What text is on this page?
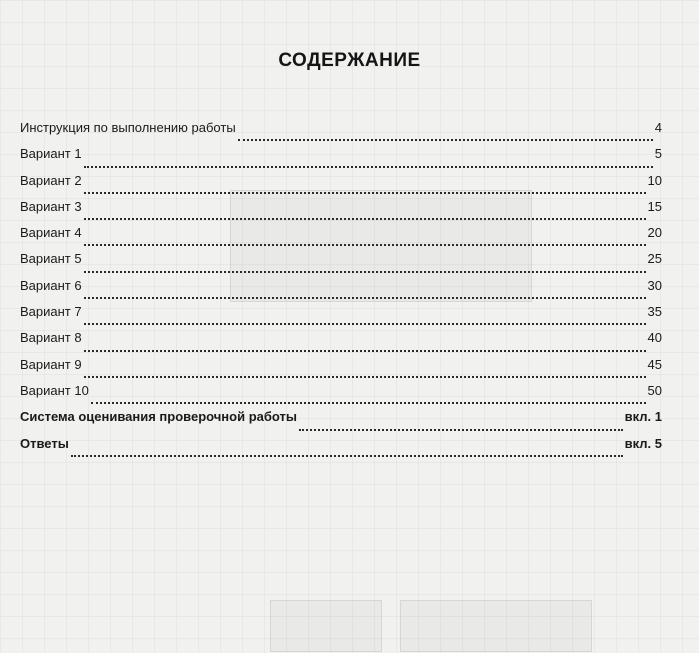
СОДЕРЖАНИЕ
Инструкция по выполнению работы	4
Вариант 1	5
Вариант 2	10
Вариант 3	15
Вариант 4	20
Вариант 5	25
Вариант 6	30
Вариант 7	35
Вариант 8	40
Вариант 9	45
Вариант 10	50
Система оценивания проверочной работы	вкл. 1
Ответы	вкл. 5
